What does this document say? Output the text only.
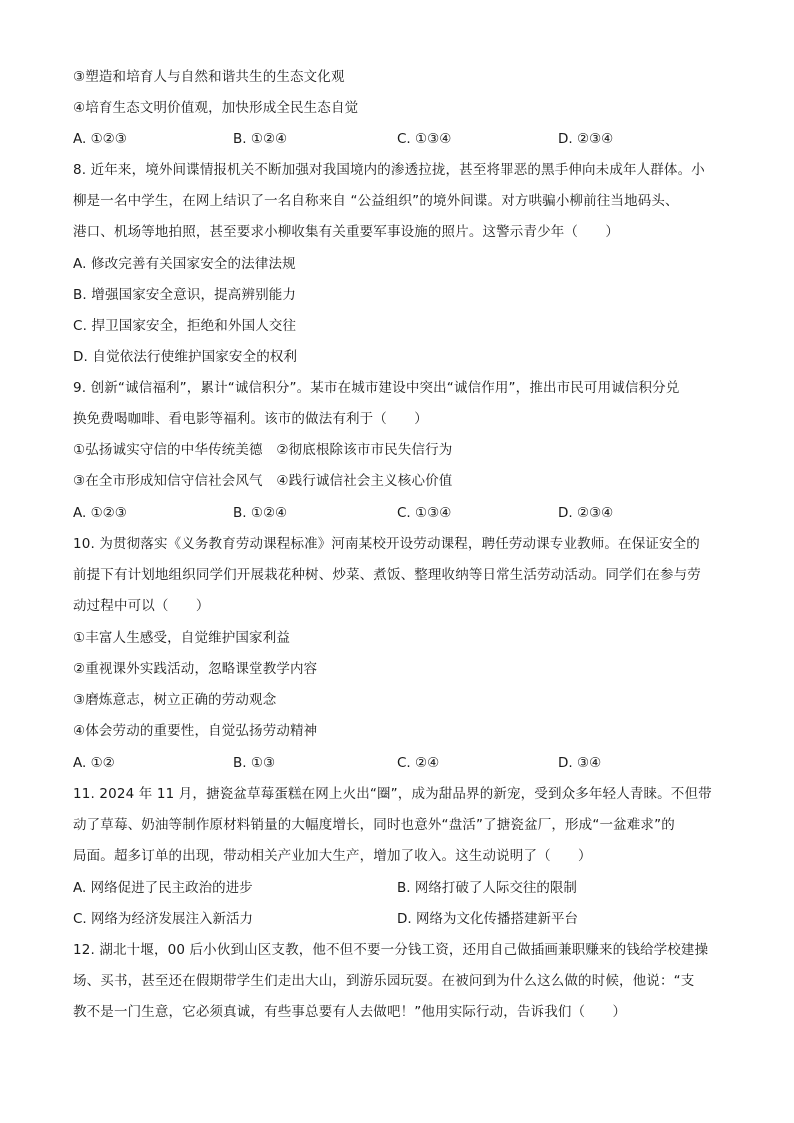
③塑造和培育人与自然和谐共生的生态文化观
④培育生态文明价值观，加快形成全民生态自觉
A. ①②③	B. ①②④	C. ①③④	D. ②③④
8. 近年来，境外间谍情报机关不断加强对我国境内的渗透拉拢，甚至将罪恶的黑手伸向未成年人群体。小
柳是一名中学生，在网上结识了一名自称来自 “公益组织”的境外间谍。对方哄骗小柳前往当地码头、
港口、机场等地拍照，甚至要求小柳收集有关重要军事设施的照片。这警示青少年（　　）
A. 修改完善有关国家安全的法律法规
B. 增强国家安全意识，提高辨别能力
C. 捍卫国家安全，拒绝和外国人交往
D. 自觉依法行使维护国家安全的权利
9. 创新“诚信福利”，累计“诚信积分”。某市在城市建设中突出“诚信作用”，推出市民可用诚信积分兑
换免费喝咖啡、看电影等福利。该市的做法有利于（　　）
①弘扬诚实守信的中华传统美德　②彻底根除该市市民失信行为
③在全市形成知信守信社会风气　④践行诚信社会主义核心价值
A. ①②③	B. ①②④	C. ①③④	D. ②③④
10. 为贯彻落实《义务教育劳动课程标准》河南某校开设劳动课程，聘任劳动课专业教师。在保证安全的
前提下有计划地组织同学们开展栽花种树、炒菜、煮饭、整理收纳等日常生活劳动活动。同学们在参与劳
动过程中可以（　　）
①丰富人生感受，自觉维护国家利益
②重视课外实践活动，忽略课堂教学内容
③磨炼意志，树立正确的劳动观念
④体会劳动的重要性，自觉弘扬劳动精神
A. ①②	B. ①③	C. ②④	D. ③④
11. 2024 年 11 月，搪瓷盆草莓蛋糕在网上火出“圈”，成为甜品界的新宠，受到众多年轻人青睐。不但带
动了草莓、奶油等制作原材料销量的大幅度增长，同时也意外“盘活”了搪瓷盆厂，形成“一盆难求”的
局面。超多订单的出现，带动相关产业加大生产，增加了收入。这生动说明了（　　）
A. 网络促进了民主政治的进步	B. 网络打破了人际交往的限制
C. 网络为经济发展注入新活力	D. 网络为文化传播搭建新平台
12. 湖北十堰，00 后小伙到山区支教，他不但不要一分钱工资，还用自己做插画兼职赚来的钱给学校建操
场、买书，甚至还在假期带学生们走出大山，到游乐园玩耍。在被问到为什么这么做的时候，他说：“支
教不是一门生意，它必须真诚，有些事总要有人去做吧！”他用实际行动，告诉我们（　　）
